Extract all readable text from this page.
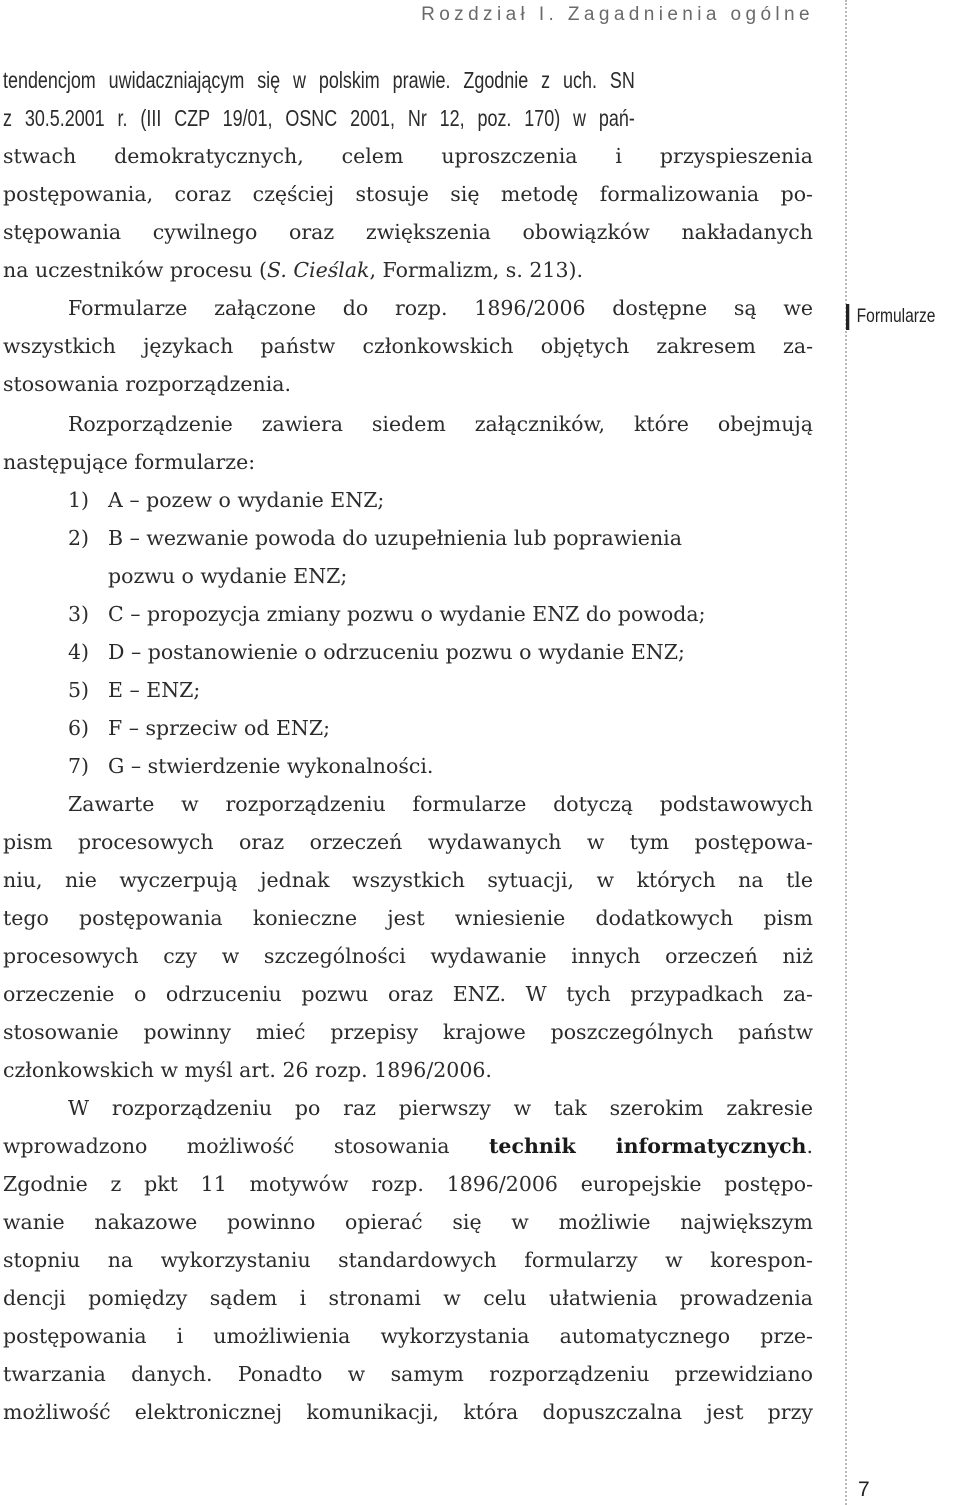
Rozdział I. Zagadnienia ogólne
Formularze
7
tendencjom uwidaczniającym się w polskim prawie. Zgodnie z uch. SN
z 30.5.2001 r. (III CZP 19/01, OSNC 2001, Nr 12, poz. 170) w pań-
stwach demokratycznych, celem uproszczenia i przyspieszenia
postępowania, coraz częściej stosuje się metodę formalizowania po-
stępowania cywilnego oraz zwiększenia obowiązków nakładanych
na uczestników procesu (S. Cieślak, Formalizm, s. 213).
Formularze załączone do rozp. 1896/2006 dostępne są we
wszystkich językach państw członkowskich objętych zakresem za-
stosowania rozporządzenia.
Rozporządzenie zawiera siedem załączników, które obejmują
następujące formularze:
1) A – pozew o wydanie ENZ;
2) B – wezwanie powoda do uzupełnienia lub poprawienia
pozwu o wydanie ENZ;
3) C – propozycja zmiany pozwu o wydanie ENZ do powoda;
4) D – postanowienie o odrzuceniu pozwu o wydanie ENZ;
5) E – ENZ;
6) F – sprzeciw od ENZ;
7) G – stwierdzenie wykonalności.
Zawarte w rozporządzeniu formularze dotyczą podstawowych
pism procesowych oraz orzeczeń wydawanych w tym postępowa-
niu, nie wyczerpują jednak wszystkich sytuacji, w których na tle
tego postępowania konieczne jest wniesienie dodatkowych pism
procesowych czy w szczególności wydawanie innych orzeczeń niż
orzeczenie o odrzuceniu pozwu oraz ENZ. W tych przypadkach za-
stosowanie powinny mieć przepisy krajowe poszczególnych państw
członkowskich w myśl art. 26 rozp. 1896/2006.
W rozporządzeniu po raz pierwszy w tak szerokim zakresie
wprowadzono możliwość stosowania technik informatycznych.
Zgodnie z pkt 11 motywów rozp. 1896/2006 europejskie postępo-
wanie nakazowe powinno opierać się w możliwie największym
stopniu na wykorzystaniu standardowych formularzy w korespon-
dencji pomiędzy sądem i stronami w celu ułatwienia prowadzenia
postępowania i umożliwienia wykorzystania automatycznego prze-
twarzania danych. Ponadto w samym rozporządzeniu przewidziano
możliwość elektronicznej komunikacji, która dopuszczalna jest przy
